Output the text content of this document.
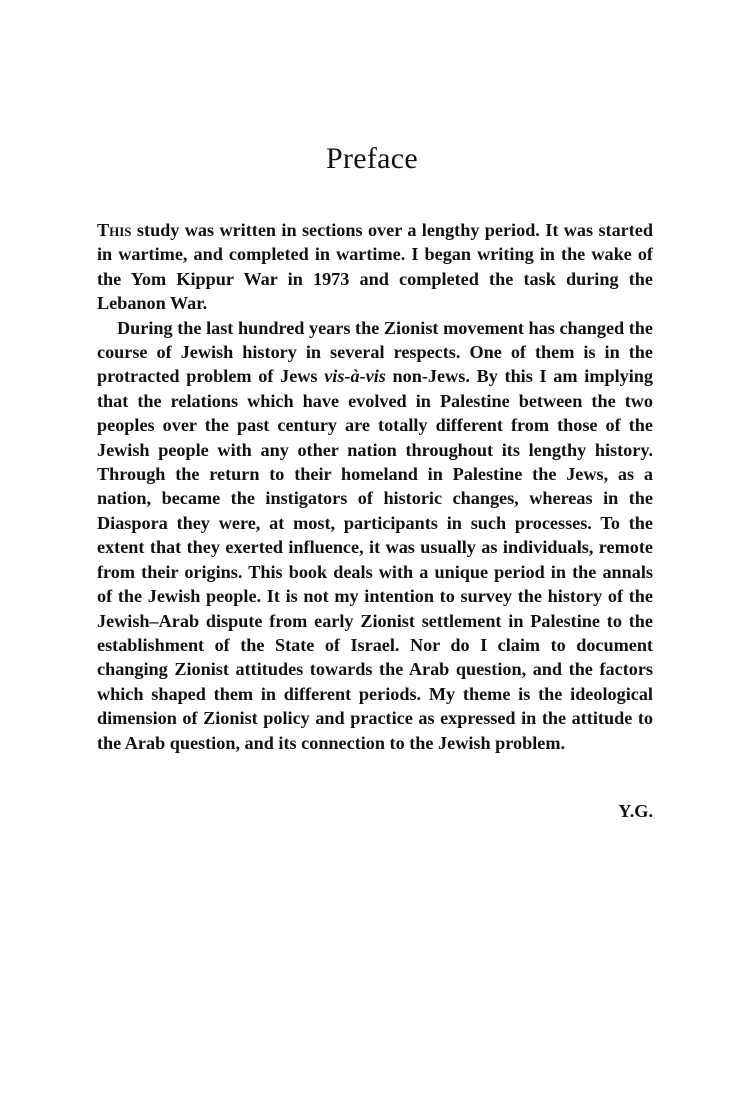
Preface

This study was written in sections over a lengthy period. It was started in wartime, and completed in wartime. I began writing in the wake of the Yom Kippur War in 1973 and completed the task during the Lebanon War.

During the last hundred years the Zionist movement has changed the course of Jewish history in several respects. One of them is in the protracted problem of Jews vis-à-vis non-Jews. By this I am implying that the relations which have evolved in Palestine between the two peoples over the past century are totally different from those of the Jewish people with any other nation throughout its lengthy history. Through the return to their homeland in Palestine the Jews, as a nation, became the instigators of historic changes, whereas in the Diaspora they were, at most, participants in such processes. To the extent that they exerted influence, it was usually as individuals, remote from their origins. This book deals with a unique period in the annals of the Jewish people. It is not my intention to survey the history of the Jewish–Arab dispute from early Zionist settlement in Palestine to the establishment of the State of Israel. Nor do I claim to document changing Zionist attitudes towards the Arab question, and the factors which shaped them in different periods. My theme is the ideological dimension of Zionist policy and practice as expressed in the attitude to the Arab question, and its connection to the Jewish problem.

Y.G.
